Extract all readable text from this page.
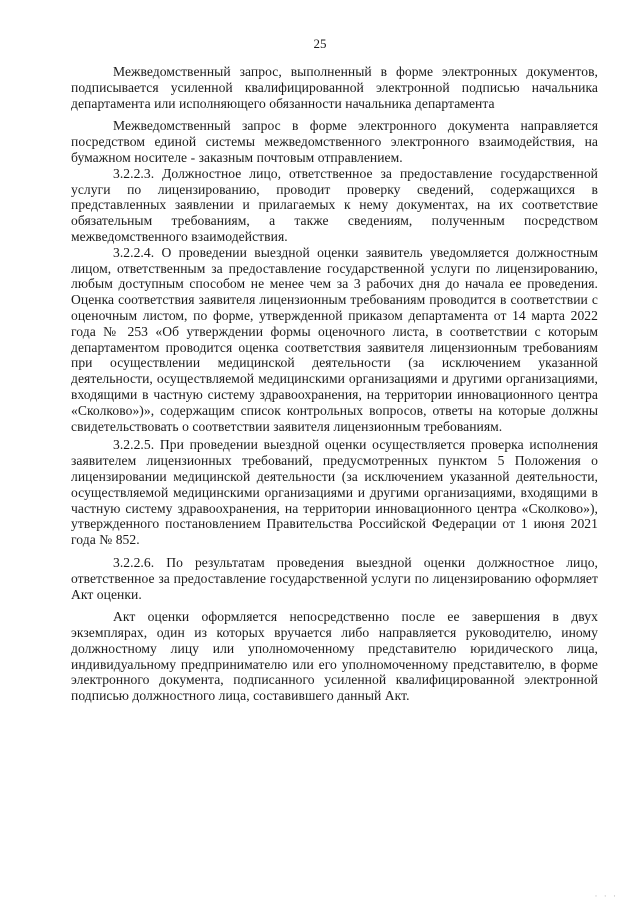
25

Межведомственный запрос, выполненный в форме электронных документов, подписывается усиленной квалифицированной электронной подписью начальника департамента или исполняющего обязанности начальника департамента

Межведомственный запрос в форме электронного документа направляется посредством единой системы межведомственного электронного взаимодействия, на бумажном носителе - заказным почтовым отправлением.

3.2.2.3. Должностное лицо, ответственное за предоставление государственной услуги по лицензированию, проводит проверку сведений, содержащихся в представленных заявлении и прилагаемых к нему документах, на их соответствие обязательным требованиям, а также сведениям, полученным посредством межведомственного взаимодействия.

3.2.2.4. О проведении выездной оценки заявитель уведомляется должностным лицом, ответственным за предоставление государственной услуги по лицензированию, любым доступным способом не менее чем за 3 рабочих дня до начала ее проведения. Оценка соответствия заявителя лицензионным требованиям проводится в соответствии с оценочным листом, по форме, утвержденной приказом департамента от 14 марта 2022 года № 253 «Об утверждении формы оценочного листа, в соответствии с которым департаментом проводится оценка соответствия заявителя лицензионным требованиям при осуществлении медицинской деятельности (за исключением указанной деятельности, осуществляемой медицинскими организациями и другими организациями, входящими в частную систему здравоохранения, на территории инновационного центра «Сколково»)», содержащим список контрольных вопросов, ответы на которые должны свидетельствовать о соответствии заявителя лицензионным требованиям.

3.2.2.5. При проведении выездной оценки осуществляется проверка исполнения заявителем лицензионных требований, предусмотренных пунктом 5 Положения о лицензировании медицинской деятельности (за исключением указанной деятельности, осуществляемой медицинскими организациями и другими организациями, входящими в частную систему здравоохранения, на территории инновационного центра «Сколково»), утвержденного постановлением Правительства Российской Федерации от 1 июня 2021 года № 852.

3.2.2.6. По результатам проведения выездной оценки должностное лицо, ответственное за предоставление государственной услуги по лицензированию оформляет Акт оценки.

Акт оценки оформляется непосредственно после ее завершения в двух экземплярах, один из которых вручается либо направляется руководителю, иному должностному лицу или уполномоченному представителю юридического лица, индивидуальному предпринимателю или его уполномоченному представителю, в форме электронного документа, подписанного усиленной квалифицированной электронной подписью должностного лица, составившего данный Акт.

· · ·
